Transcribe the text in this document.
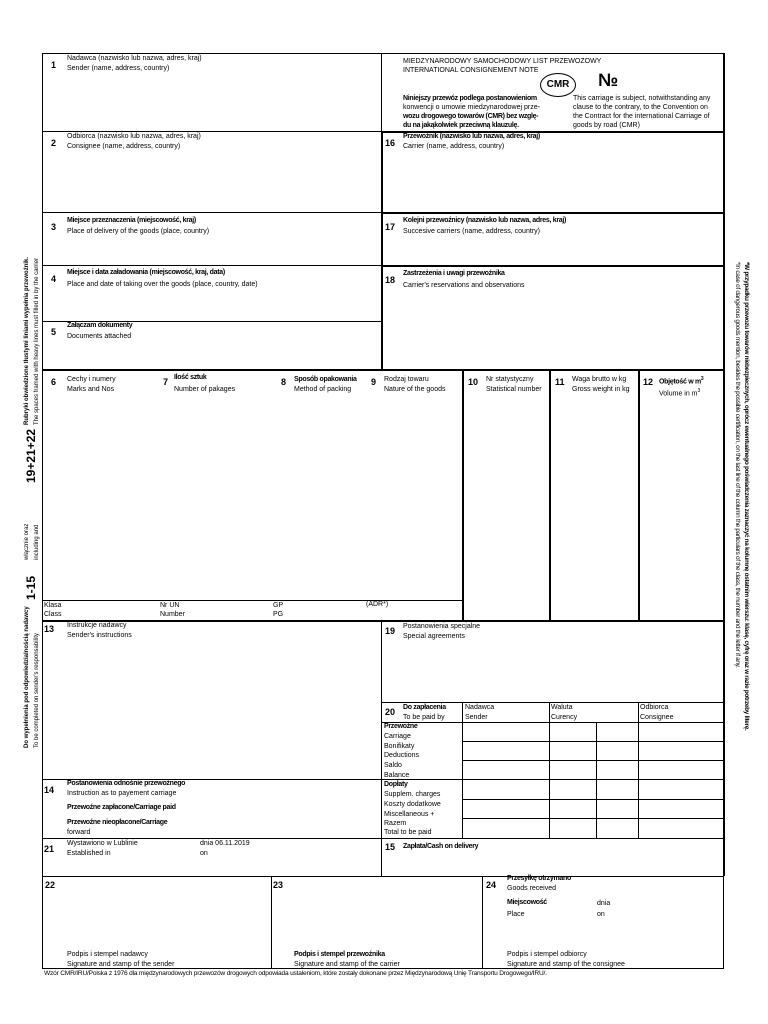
MIEDZYNARODOWY SAMOCHODOWY LIST PRZEWOZOWY
INTERNATIONAL CONSIGNEMENT NOTE
CMR	№
Niniejszy przewóz podlega postanowieniom
konwencji o umowie miedzynarodowej prze-
wozu drogowego towarów (CMR) bez wzglę-
du na jakąkolwiek przeciwną klauzulę.
This carriage is subject, notwithstanding any
clause to the contrary, to the Convention on
the Contract for the international Carriage of
goods by road (CMR)
1
Nadawca (nazwisko lub nazwa, adres, kraj)
Sender (name, address, country)
2
Odbiorca (nazwisko lub nazwa, adres, kraj)
Consignee (name, address, country)
3
Miejsce przeznaczenia (miejscowość, kraj)
Place of delivery of the goods (place, country)
4
Miejsce i data załadowania (miejscowość, kraj, data)
Place and date of taking over the goods (place, country, date)
5
Załączam dokumenty
Documents attached
16
Przewoźnik (nazwisko lub nazwa, adres, kraj)
Carrier (name, address, country)
17
Kolejni przewoźnicy (nazwisko lub nazwa, adres, kraj)
Succesive carriers (name, address, country)
18
Zastrzeżenia i uwagi przewoźnika
Carrier's reservations and observations
6 Cechy i numery
Marks and Nos
7 Ilość sztuk
Number of pakages
8 Sposób opakowania
Method of packing
9 Rodzaj towaru
Nature of the goods
10 Nr statystyczny
Statistical number
11 Waga brutto w kg
Gross weight in kg
12 Objętość w $m^3$
Volume in $m^3$
Klasa
Class
Nr UN
Number
GP
PG
(ADR*)
13 Instrukcje nadawcy
Sender's instructions	19 Postanowienia specjalne
Special agreements
20 Do zapłacenia
To be paid by
Nadawca
Sender
Waluta
Curency
Odbiorca
Consignee
Przewoźne
Carriage
Bonifikaty
Deductions
Saldo
Balance
Dopłaty
Supplem. charges
Koszty dodatkowe
Miscellaneous +
Razem
Total to be paid
14
Postanowienia odnośnie przewoźnego
Instruction as to payement carriage
Przewoźne zapłacone/Carriage paid
Przewoźne nieopłacone/Carriage
forward
21
Wystawiono w Lublinie
Established in
dnia 06.11.2019
on
15 Zapłata/Cash on delivery
22
Podpis i stempel nadawcy
Signature and stamp of the sender
23
Podpis i stempel przewoźnika
Signature and stamp of the carrier
24
Przesyłkę otrzymano
Goods received
Miejscowość
Place
dnia
on
Podpis i stempel odbiorcy
Signature and stamp of the consignee
Wzór CMR/IRU/Polska z 1976 dla międzynarodowych przewozów drogowych odpowiada ustaleniom, które zostały dokonane przez Międzynarodową Unię Transportu Drogowego/IRU/.
1-15
włącznie oraz including and
19+21+22
Rubryki obwiedzione tłustymi liniami wypełnia przewoźnik. The spaces framed with heavy lines must filled in by the carrier
Do wypełnienia pod odpowiedzialnością nadawcy To be completed on sender's responsability	*W przypadku przewozu towarów niebezpiecznych, oprócz ewentualnego poświadczenia zaznaczyć na kolumnę ostatnim wierszu: klasę, cyfrę oraz w razie potrzeby literę.
*In case of dangerous goods mention, besides the possible certification, on the last line of the column the particulars of the class, the number and the letter if any.
